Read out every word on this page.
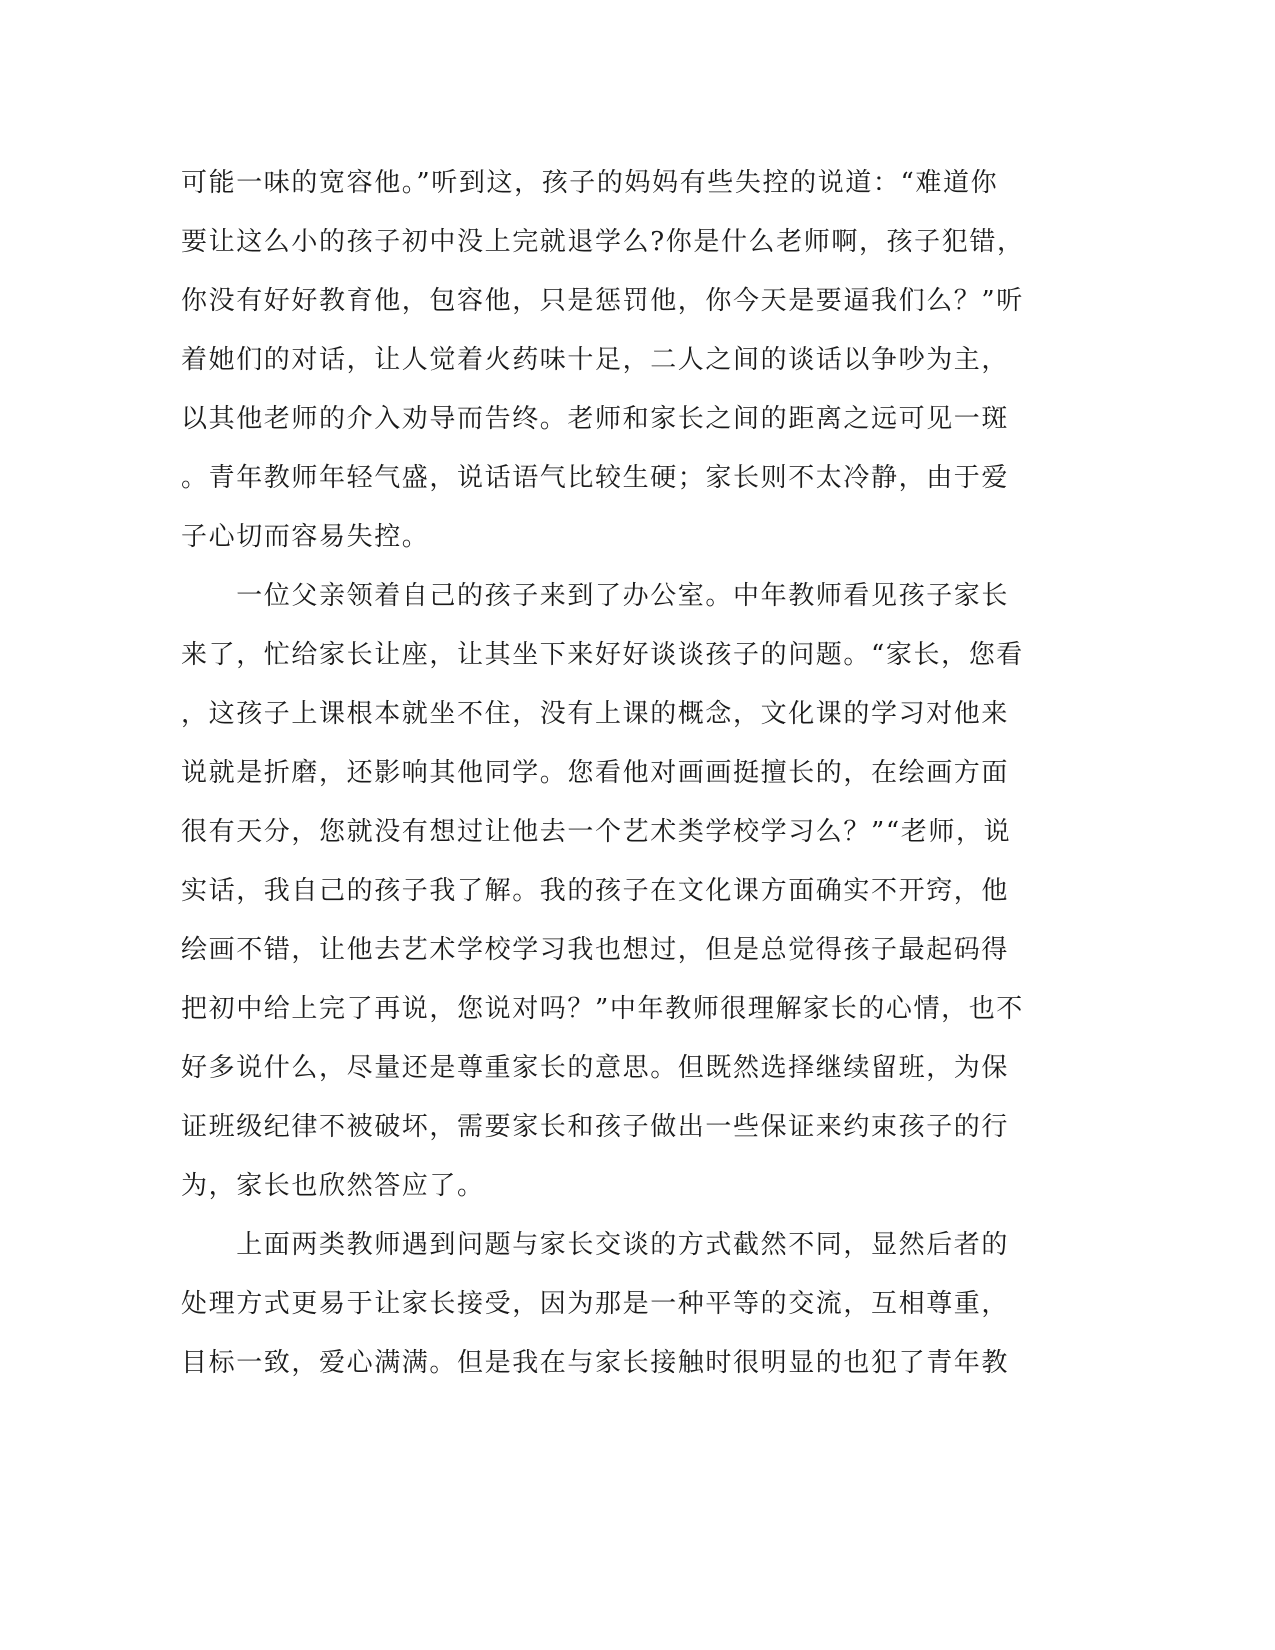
可能一味的宽容他。”听到这，孩子的妈妈有些失控的说道：“难道你
要让这么小的孩子初中没上完就退学么?你是什么老师啊，孩子犯错，
你没有好好教育他，包容他，只是惩罚他，你今天是要逼我们么？”听
着她们的对话，让人觉着火药味十足，二人之间的谈话以争吵为主，
以其他老师的介入劝导而告终。老师和家长之间的距离之远可见一斑
。青年教师年轻气盛，说话语气比较生硬；家长则不太冷静，由于爱
子心切而容易失控。
　　一位父亲领着自己的孩子来到了办公室。中年教师看见孩子家长
来了，忙给家长让座，让其坐下来好好谈谈孩子的问题。“家长，您看
，这孩子上课根本就坐不住，没有上课的概念，文化课的学习对他来
说就是折磨，还影响其他同学。您看他对画画挺擅长的，在绘画方面
很有天分，您就没有想过让他去一个艺术类学校学习么？”“老师，说
实话，我自己的孩子我了解。我的孩子在文化课方面确实不开窍，他
绘画不错，让他去艺术学校学习我也想过，但是总觉得孩子最起码得
把初中给上完了再说，您说对吗？”中年教师很理解家长的心情，也不
好多说什么，尽量还是尊重家长的意思。但既然选择继续留班，为保
证班级纪律不被破坏，需要家长和孩子做出一些保证来约束孩子的行
为，家长也欣然答应了。
　　上面两类教师遇到问题与家长交谈的方式截然不同，显然后者的
处理方式更易于让家长接受，因为那是一种平等的交流，互相尊重，
目标一致，爱心满满。但是我在与家长接触时很明显的也犯了青年教
